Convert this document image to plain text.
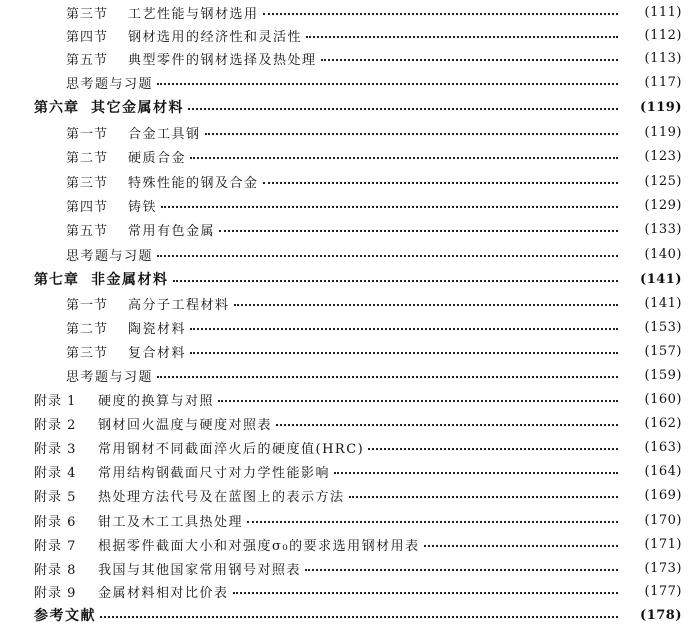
第三节	工艺性能与钢材选用	(111)
第四节	钢材选用的经济性和灵活性	(112)
第五节	典型零件的钢材选择及热处理	(113)
思考题与习题	(117)
第六章 其它金属材料	(119)
第一节	合金工具钢	(119)
第二节	硬质合金	(123)
第三节	特殊性能的钢及合金	(125)
第四节	铸铁	(129)
第五节	常用有色金属	(133)
思考题与习题	(140)
第七章 非金属材料	(141)
第一节	高分子工程材料	(141)
第二节	陶瓷材料	(153)
第三节	复合材料	(157)
思考题与习题	(159)
附录 1	硬度的换算与对照	(160)
附录 2	钢材回火温度与硬度对照表	(162)
附录 3	常用钢材不同截面淬火后的硬度值(HRC)	(163)
附录 4	常用结构钢截面尺寸对力学性能影响	(164)
附录 5	热处理方法代号及在蓝图上的表示方法	(169)
附录 6	钳工及木工工具热处理	(170)
附录 7	根据零件截面大小和对强度σ₀的要求选用钢材用表	(171)
附录 8	我国与其他国家常用钢号对照表	(173)
附录 9	金属材料相对比价表	(177)
参考文献	(178)
